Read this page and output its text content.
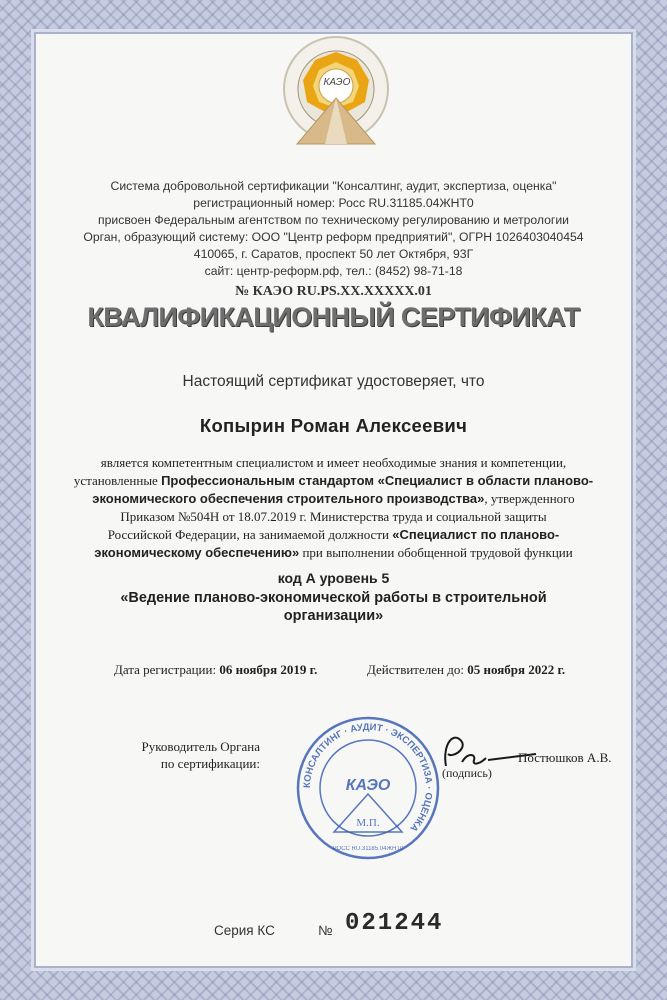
КАЭО
Система добровольной сертификации "Консалтинг, аудит, экспертиза, оценка"
регистрационный номер: Росс RU.31185.04ЖНТ0
присвоен Федеральным агентством по техническому регулированию и метрологии
Орган, образующий систему: ООО "Центр реформ предприятий", ОГРН 1026403040454
410065, г. Саратов, проспект 50 лет Октября, 93Г
сайт: центр-реформ.рф, тел.: (8452) 98-71-18
№ КАЭО RU.PS.XX.XXXXX.01
КВАЛИФИКАЦИОННЫЙ СЕРТИФИКАТ
Настоящий сертификат удостоверяет, что
Копырин Роман Алексеевич
является компетентным специалистом и имеет необходимые знания и компетенции,
установленные Профессиональным стандартом «Специалист в области планово-
экономического обеспечения строительного производства», утвержденного
Приказом №504Н от 18.07.2019 г. Министерства труда и социальной защиты
Российской Федерации, на занимаемой должности «Специалист по планово-
экономическому обеспечению» при выполнении обобщенной трудовой функции
код А уровень 5
«Ведение планово-экономической работы в строительной
организации»
Дата регистрации: 06 ноября 2019 г.	Действителен до: 05 ноября 2022 г.
Руководитель Органа
по сертификации:
КОНСАЛТИНГ · АУДИТ · ЭКСПЕРТИЗА · ОЦЕНКА
КАЭО
М.П.
РОСС RU.31185.04ЖНТ0
Постюшков А.В.
(подпись)
Серия КС	№ 021244
